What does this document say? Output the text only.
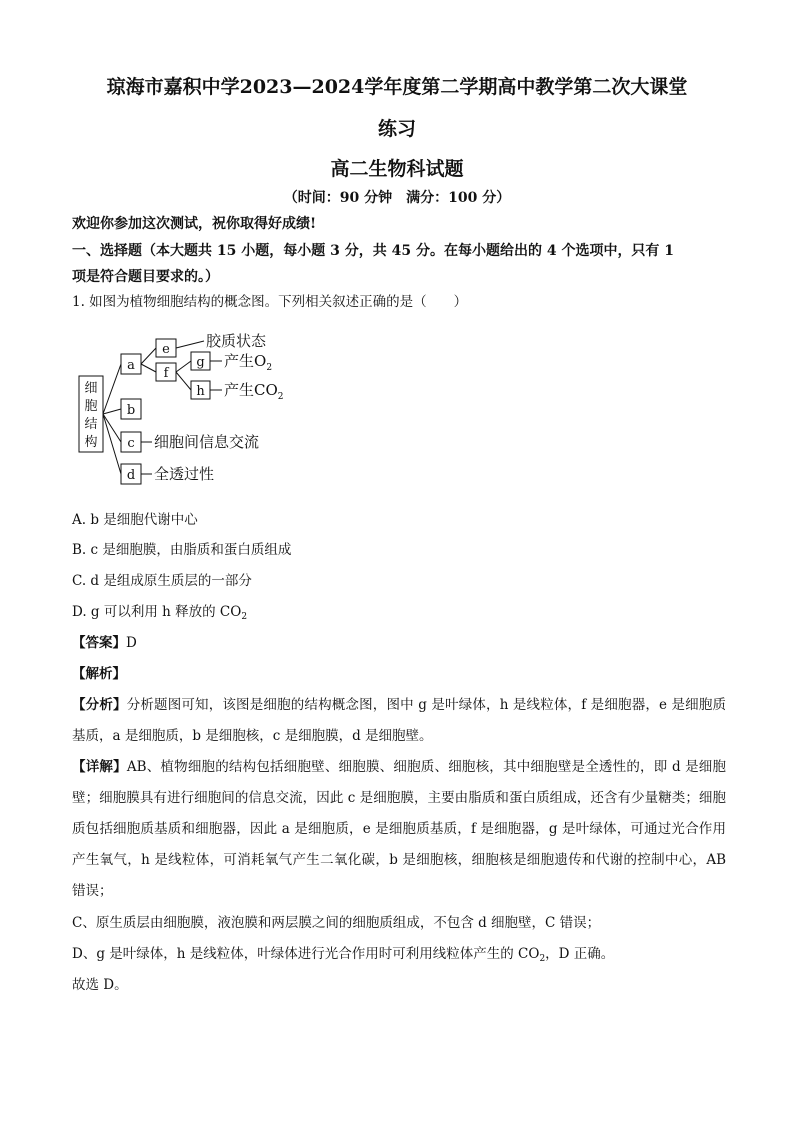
琼海市嘉积中学2023—2024学年度第二学期高中教学第二次大课堂
练习
高二生物科试题
（时间：90 分钟　满分：100 分）
欢迎你参加这次测试，祝你取得好成绩!
一、选择题（本大题共 15 小题，每小题 3 分，共 45 分。在每小题给出的 4 个选项中，只有 1
项是符合题目要求的。）
1. 如图为植物细胞结构的概念图。下列相关叙述正确的是（　　）
细
胞
结
构
a
b
c
d
e
f
g
h
胶质状态
产生$O_2$
产生$CO_2$
细胞间信息交流
全透过性
A. b 是细胞代谢中心
B. c 是细胞膜，由脂质和蛋白质组成
C. d 是组成原生质层的一部分
D. g 可以利用 h 释放的 $CO_2$
【答案】D
【解析】
【分析】分析题图可知，该图是细胞的结构概念图，图中 g 是叶绿体，h 是线粒体，f 是细胞器，e 是细胞质基质，a 是细胞质，b 是细胞核，c 是细胞膜，d 是细胞壁。
【详解】AB、植物细胞的结构包括细胞壁、细胞膜、细胞质、细胞核，其中细胞壁是全透性的，即 d 是细胞壁；细胞膜具有进行细胞间的信息交流，因此 c 是细胞膜，主要由脂质和蛋白质组成，还含有少量糖类；细胞质包括细胞质基质和细胞器，因此 a 是细胞质，e 是细胞质基质，f 是细胞器，g 是叶绿体，可通过光合作用产生氧气，h 是线粒体，可消耗氧气产生二氧化碳，b 是细胞核，细胞核是细胞遗传和代谢的控制中心，AB 错误；
C、原生质层由细胞膜，液泡膜和两层膜之间的细胞质组成，不包含 d 细胞壁，C 错误；
D、g 是叶绿体，h 是线粒体，叶绿体进行光合作用时可利用线粒体产生的 $CO_2$，D 正确。
故选 D。
